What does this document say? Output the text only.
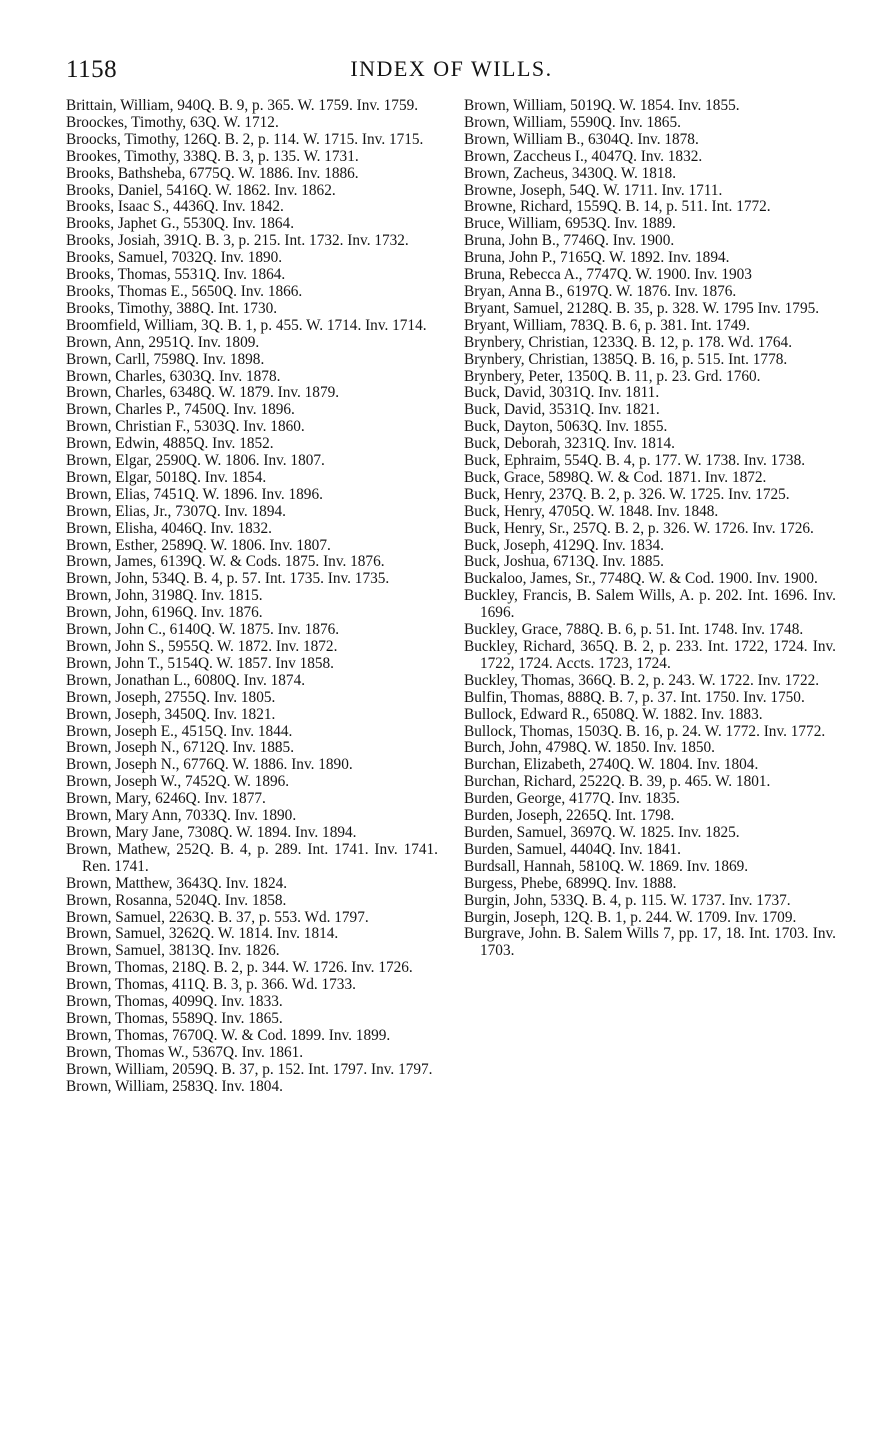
1158	INDEX OF WILLS.

Brittain, William, 940Q. B. 9, p. 365. W. 1759. Inv. 1759.

Broockes, Timothy, 63Q. W. 1712.

Broocks, Timothy, 126Q. B. 2, p. 114. W. 1715. Inv. 1715.

Brookes, Timothy, 338Q. B. 3, p. 135. W. 1731.

Brooks, Bathsheba, 6775Q. W. 1886. Inv. 1886.

Brooks, Daniel, 5416Q. W. 1862. Inv. 1862.

Brooks, Isaac S., 4436Q. Inv. 1842.

Brooks, Japhet G., 5530Q. Inv. 1864.

Brooks, Josiah, 391Q. B. 3, p. 215. Int. 1732. Inv. 1732.

Brooks, Samuel, 7032Q. Inv. 1890.

Brooks, Thomas, 5531Q. Inv. 1864.

Brooks, Thomas E., 5650Q. Inv. 1866.

Brooks, Timothy, 388Q. Int. 1730.

Broomfield, William, 3Q. B. 1, p. 455. W. 1714. Inv. 1714.

Brown, Ann, 2951Q. Inv. 1809.

Brown, Carll, 7598Q. Inv. 1898.

Brown, Charles, 6303Q. Inv. 1878.

Brown, Charles, 6348Q. W. 1879. Inv. 1879.

Brown, Charles P., 7450Q. Inv. 1896.

Brown, Christian F., 5303Q. Inv. 1860.

Brown, Edwin, 4885Q. Inv. 1852.

Brown, Elgar, 2590Q. W. 1806. Inv. 1807.

Brown, Elgar, 5018Q. Inv. 1854.

Brown, Elias, 7451Q. W. 1896. Inv. 1896.

Brown, Elias, Jr., 7307Q. Inv. 1894.

Brown, Elisha, 4046Q. Inv. 1832.

Brown, Esther, 2589Q. W. 1806. Inv. 1807.

Brown, James, 6139Q. W. & Cods. 1875. Inv. 1876.

Brown, John, 534Q. B. 4, p. 57. Int. 1735. Inv. 1735.

Brown, John, 3198Q. Inv. 1815.

Brown, John, 6196Q. Inv. 1876.

Brown, John C., 6140Q. W. 1875. Inv. 1876.

Brown, John S., 5955Q. W. 1872. Inv. 1872.

Brown, John T., 5154Q. W. 1857. Inv 1858.

Brown, Jonathan L., 6080Q. Inv. 1874.

Brown, Joseph, 2755Q. Inv. 1805.

Brown, Joseph, 3450Q. Inv. 1821.

Brown, Joseph E., 4515Q. Inv. 1844.

Brown, Joseph N., 6712Q. Inv. 1885.

Brown, Joseph N., 6776Q. W. 1886. Inv. 1890.

Brown, Joseph W., 7452Q. W. 1896.

Brown, Mary, 6246Q. Inv. 1877.

Brown, Mary Ann, 7033Q. Inv. 1890.

Brown, Mary Jane, 7308Q. W. 1894. Inv. 1894.

Brown, Mathew, 252Q. B. 4, p. 289. Int. 1741. Inv. 1741. Ren. 1741.

Brown, Matthew, 3643Q. Inv. 1824.

Brown, Rosanna, 5204Q. Inv. 1858.

Brown, Samuel, 2263Q. B. 37, p. 553. Wd. 1797.

Brown, Samuel, 3262Q. W. 1814. Inv. 1814.

Brown, Samuel, 3813Q. Inv. 1826.

Brown, Thomas, 218Q. B. 2, p. 344. W. 1726. Inv. 1726.

Brown, Thomas, 411Q. B. 3, p. 366. Wd. 1733.

Brown, Thomas, 4099Q. Inv. 1833.

Brown, Thomas, 5589Q. Inv. 1865.

Brown, Thomas, 7670Q. W. & Cod. 1899. Inv. 1899.

Brown, Thomas W., 5367Q. Inv. 1861.

Brown, William, 2059Q. B. 37, p. 152. Int. 1797. Inv. 1797.

Brown, William, 2583Q. Inv. 1804.

Brown, William, 5019Q. W. 1854. Inv. 1855.

Brown, William, 5590Q. Inv. 1865.

Brown, William B., 6304Q. Inv. 1878.

Brown, Zaccheus I., 4047Q. Inv. 1832.

Brown, Zacheus, 3430Q. W. 1818.

Browne, Joseph, 54Q. W. 1711. Inv. 1711.

Browne, Richard, 1559Q. B. 14, p. 511. Int. 1772.

Bruce, William, 6953Q. Inv. 1889.

Bruna, John B., 7746Q. Inv. 1900.

Bruna, John P., 7165Q. W. 1892. Inv. 1894.

Bruna, Rebecca A., 7747Q. W. 1900. Inv. 1903

Bryan, Anna B., 6197Q. W. 1876. Inv. 1876.

Bryant, Samuel, 2128Q. B. 35, p. 328. W. 1795 Inv. 1795.

Bryant, William, 783Q. B. 6, p. 381. Int. 1749.

Brynbery, Christian, 1233Q. B. 12, p. 178. Wd. 1764.

Brynbery, Christian, 1385Q. B. 16, p. 515. Int. 1778.

Brynbery, Peter, 1350Q. B. 11, p. 23. Grd. 1760.

Buck, David, 3031Q. Inv. 1811.

Buck, David, 3531Q. Inv. 1821.

Buck, Dayton, 5063Q. Inv. 1855.

Buck, Deborah, 3231Q. Inv. 1814.

Buck, Ephraim, 554Q. B. 4, p. 177. W. 1738. Inv. 1738.

Buck, Grace, 5898Q. W. & Cod. 1871. Inv. 1872.

Buck, Henry, 237Q. B. 2, p. 326. W. 1725. Inv. 1725.

Buck, Henry, 4705Q. W. 1848. Inv. 1848.

Buck, Henry, Sr., 257Q. B. 2, p. 326. W. 1726. Inv. 1726.

Buck, Joseph, 4129Q. Inv. 1834.

Buck, Joshua, 6713Q. Inv. 1885.

Buckaloo, James, Sr., 7748Q. W. & Cod. 1900. Inv. 1900.

Buckley, Francis, B. Salem Wills, A. p. 202. Int. 1696. Inv. 1696.

Buckley, Grace, 788Q. B. 6, p. 51. Int. 1748. Inv. 1748.

Buckley, Richard, 365Q. B. 2, p. 233. Int. 1722, 1724. Inv. 1722, 1724. Accts. 1723, 1724.

Buckley, Thomas, 366Q. B. 2, p. 243. W. 1722. Inv. 1722.

Bulfin, Thomas, 888Q. B. 7, p. 37. Int. 1750. Inv. 1750.

Bullock, Edward R., 6508Q. W. 1882. Inv. 1883.

Bullock, Thomas, 1503Q. B. 16, p. 24. W. 1772. Inv. 1772.

Burch, John, 4798Q. W. 1850. Inv. 1850.

Burchan, Elizabeth, 2740Q. W. 1804. Inv. 1804.

Burchan, Richard, 2522Q. B. 39, p. 465. W. 1801.

Burden, George, 4177Q. Inv. 1835.

Burden, Joseph, 2265Q. Int. 1798.

Burden, Samuel, 3697Q. W. 1825. Inv. 1825.

Burden, Samuel, 4404Q. Inv. 1841.

Burdsall, Hannah, 5810Q. W. 1869. Inv. 1869.

Burgess, Phebe, 6899Q. Inv. 1888.

Burgin, John, 533Q. B. 4, p. 115. W. 1737. Inv. 1737.

Burgin, Joseph, 12Q. B. 1, p. 244. W. 1709. Inv. 1709.

Burgrave, John. B. Salem Wills 7, pp. 17, 18. Int. 1703. Inv. 1703.
